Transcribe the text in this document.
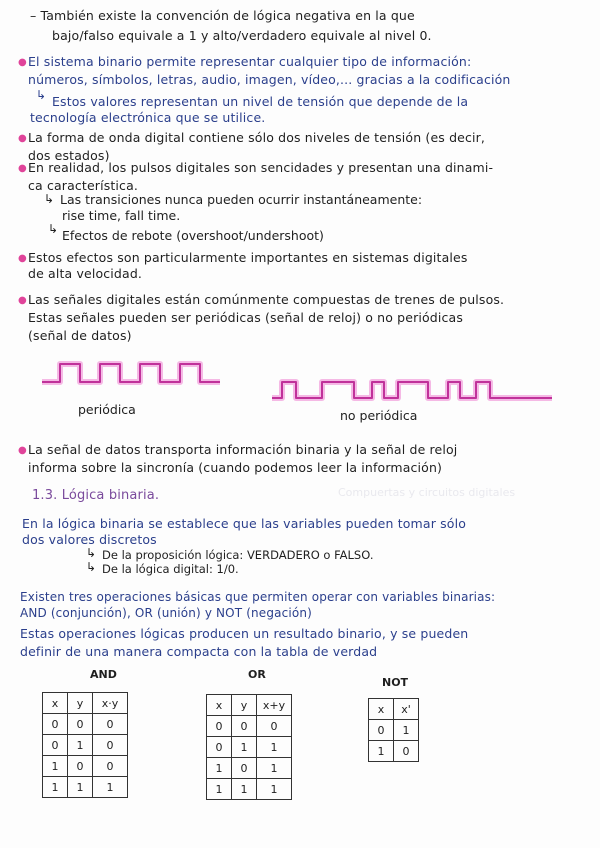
Compuertas y circuitos digitales
– También existe la convención de lógica negativa en la que
bajo/falso equivale a 1 y alto/verdadero equivale al nivel 0.
● El sistema binario permite representar cualquier tipo de información:
números, símbolos, letras, audio, imagen, vídeo,... gracias a la codificación
↳ Estos valores representan un nivel de tensión que depende de la
tecnología electrónica que se utilice.
● La forma de onda digital contiene sólo dos niveles de tensión (es decir,
dos estados)
● En realidad, los pulsos digitales son sencidades y presentan una dinami-
ca característica.
↳ Las transiciones nunca pueden ocurrir instantáneamente:
rise time, fall time.
↳ Efectos de rebote (overshoot/undershoot)
● Estos efectos son particularmente importantes en sistemas digitales
de alta velocidad.
● Las señales digitales están comúnmente compuestas de trenes de pulsos.
Estas señales pueden ser periódicas (señal de reloj) o no periódicas
(señal de datos)
periódica	no periódica
● La señal de datos transporta información binaria y la señal de reloj
informa sobre la sincronía (cuando podemos leer la información)
1.3. Lógica binaria.
En la lógica binaria se establece que las variables pueden tomar sólo
dos valores discretos
↳ De la proposición lógica: VERDADERO o FALSO.
↳ De la lógica digital: 1/0.
Existen tres operaciones básicas que permiten operar con variables binarias:
AND (conjunción), OR (unión) y NOT (negación)
Estas operaciones lógicas producen un resultado binario, y se pueden
definir de una manera compacta con la tabla de verdad
AND
x	y	x·y
0	0	0
0	1	0
1	0	0
1	1	1
OR
x	y	x+y
0	0	0
0	1	1
1	0	1
1	1	1
NOT
x	x'
0	1
1	0
